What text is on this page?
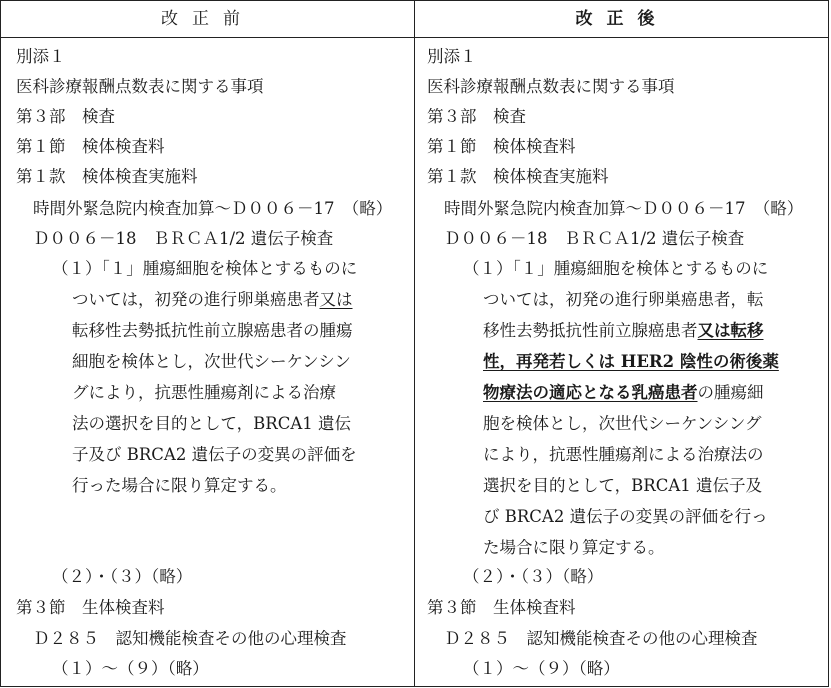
改正前	改正後
別添１
医科診療報酬点数表に関する事項
第３部　検査
第１節　検体検査料
第１款　検体検査実施料
時間外緊急院内検査加算～Ｄ００６－17　（略）
Ｄ００６－18　ＢＲＣＡ1/2 遺伝子検査
（１）「１」腫瘍細胞を検体とするものに
ついては，初発の進行卵巣癌患者又は
転移性去勢抵抗性前立腺癌患者の腫瘍
細胞を検体とし，次世代シーケンシン
グにより，抗悪性腫瘍剤による治療
法の選択を目的として，BRCA1 遺伝
子及び BRCA2 遺伝子の変異の評価を
行った場合に限り算定する。
（２）・（３）（略）
第３節　生体検査料
Ｄ２８５　認知機能検査その他の心理検査
（１）～（９）（略）
別添１
医科診療報酬点数表に関する事項
第３部　検査
第１節　検体検査料
第１款　検体検査実施料
時間外緊急院内検査加算～Ｄ００６－17　（略）
Ｄ００６－18　ＢＲＣＡ1/2 遺伝子検査
（１）「１」腫瘍細胞を検体とするものに
ついては，初発の進行卵巣癌患者，転
移性去勢抵抗性前立腺癌患者又は転移
性，再発若しくは HER2 陰性の術後薬
物療法の適応となる乳癌患者の腫瘍細
胞を検体とし，次世代シーケンシング
により，抗悪性腫瘍剤による治療法の
選択を目的として，BRCA1 遺伝子及
び BRCA2 遺伝子の変異の評価を行っ
た場合に限り算定する。
（２）・（３）（略）
第３節　生体検査料
Ｄ２８５　認知機能検査その他の心理検査
（１）～（９）（略）
